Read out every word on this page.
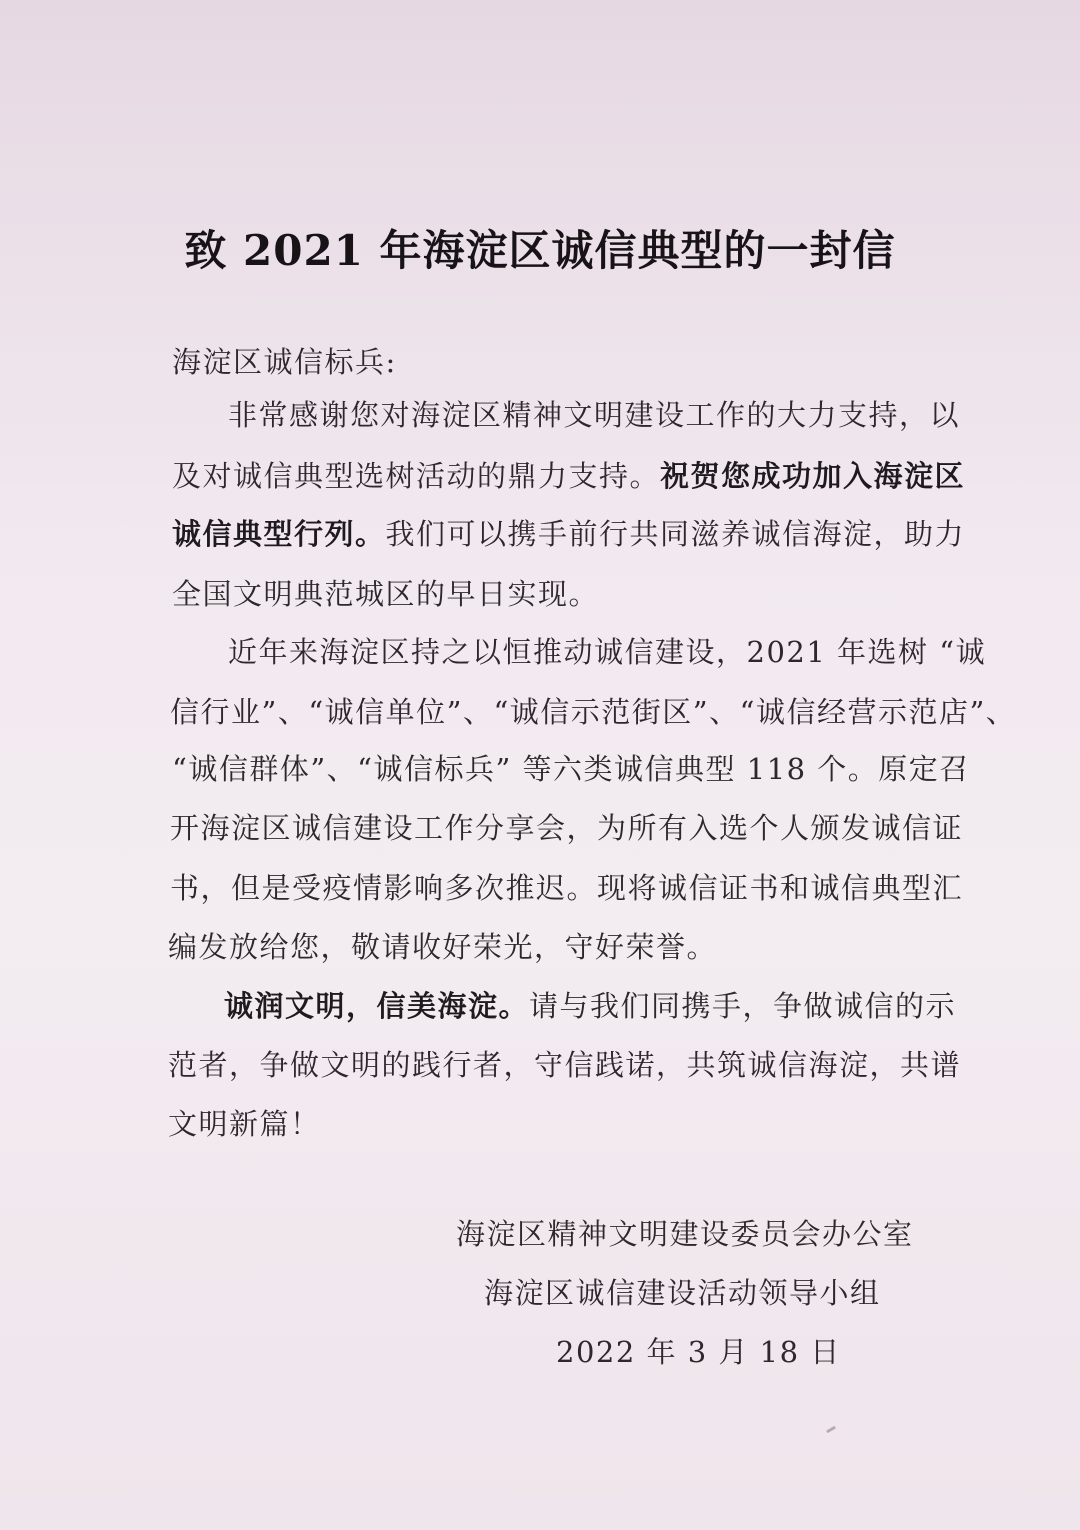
致 2021 年海淀区诚信典型的一封信
海淀区诚信标兵:
非常感谢您对海淀区精神文明建设工作的大力支持，以
及对诚信典型选树活动的鼎力支持。祝贺您成功加入海淀区
诚信典型行列。我们可以携手前行共同滋养诚信海淀，助力
全国文明典范城区的早日实现。
近年来海淀区持之以恒推动诚信建设，2021 年选树 “诚
信行业”、“诚信单位”、“诚信示范街区”、“诚信经营示范店”、
“诚信群体”、“诚信标兵” 等六类诚信典型 118 个。原定召
开海淀区诚信建设工作分享会，为所有入选个人颁发诚信证
书，但是受疫情影响多次推迟。现将诚信证书和诚信典型汇
编发放给您，敬请收好荣光，守好荣誉。
诚润文明，信美海淀。请与我们同携手，争做诚信的示
范者，争做文明的践行者，守信践诺，共筑诚信海淀，共谱
文明新篇！
海淀区精神文明建设委员会办公室
海淀区诚信建设活动领导小组
2022 年 3 月 18 日
